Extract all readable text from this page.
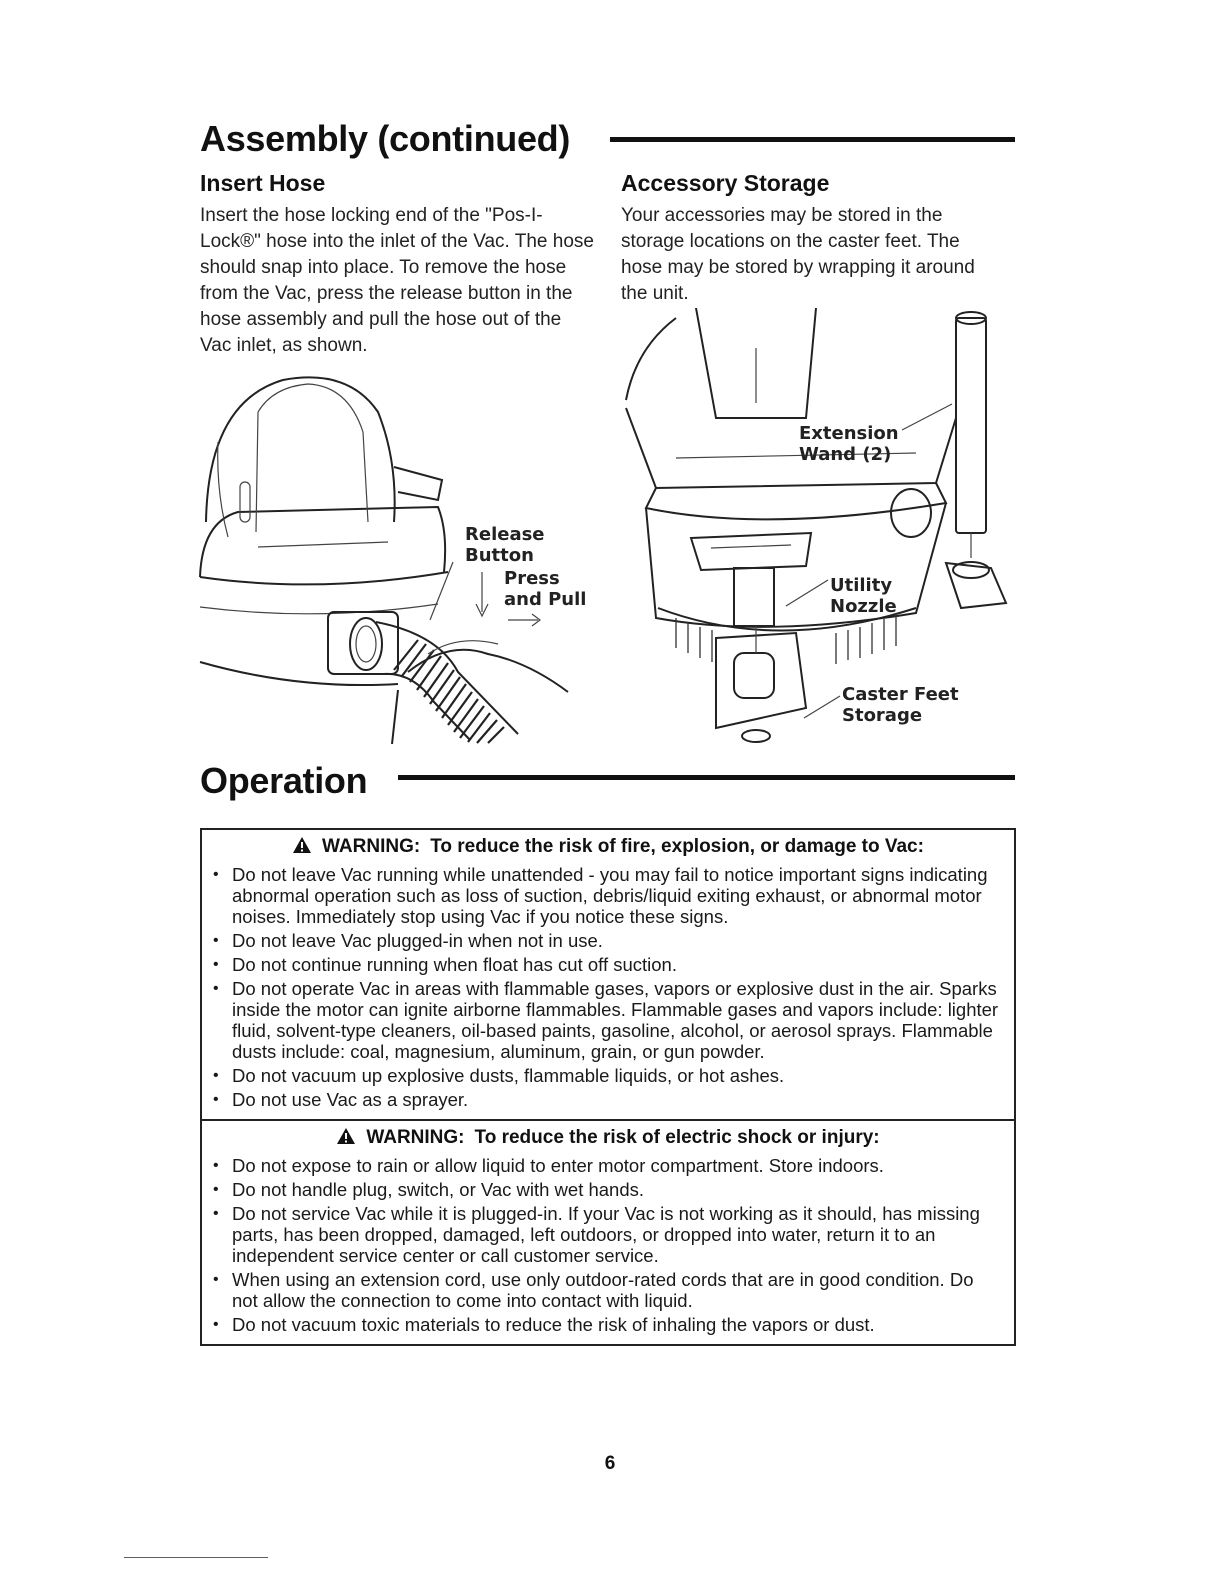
Assembly (continued)
Insert Hose

Insert the hose locking end of the "Pos-I-Lock®" hose into the inlet of the Vac. The hose should snap into place. To remove the hose from the Vac, press the release button in the hose assembly and pull the hose out of the Vac inlet, as shown.

Accessory Storage

Your accessories may be stored in the storage locations on the caster feet. The hose may be stored by wrapping it around the unit.

Release
Button
Press
and Pull
Extension
Wand (2)
Utility
Nozzle
Caster Feet
Storage
Operation
WARNING: To reduce the risk of fire, explosion, or damage to Vac:
• Do not leave Vac running while unattended - you may fail to notice important signs indicating abnormal operation such as loss of suction, debris/liquid exiting exhaust, or abnormal motor noises. Immediately stop using Vac if you notice these signs.
• Do not leave Vac plugged-in when not in use.
• Do not continue running when float has cut off suction.
• Do not operate Vac in areas with flammable gases, vapors or explosive dust in the air. Sparks inside the motor can ignite airborne flammables. Flammable gases and vapors include: lighter fluid, solvent-type cleaners, oil-based paints, gasoline, alcohol, or aerosol sprays. Flammable dusts include: coal, magnesium, aluminum, grain, or gun powder.
• Do not vacuum up explosive dusts, flammable liquids, or hot ashes.
• Do not use Vac as a sprayer.
WARNING: To reduce the risk of electric shock or injury:
• Do not expose to rain or allow liquid to enter motor compartment. Store indoors.
• Do not handle plug, switch, or Vac with wet hands.
• Do not service Vac while it is plugged-in. If your Vac is not working as it should, has missing parts, has been dropped, damaged, left outdoors, or dropped into water, return it to an independent service center or call customer service.
• When using an extension cord, use only outdoor-rated cords that are in good condition. Do not allow the connection to come into contact with liquid.
• Do not vacuum toxic materials to reduce the risk of inhaling the vapors or dust.
6
